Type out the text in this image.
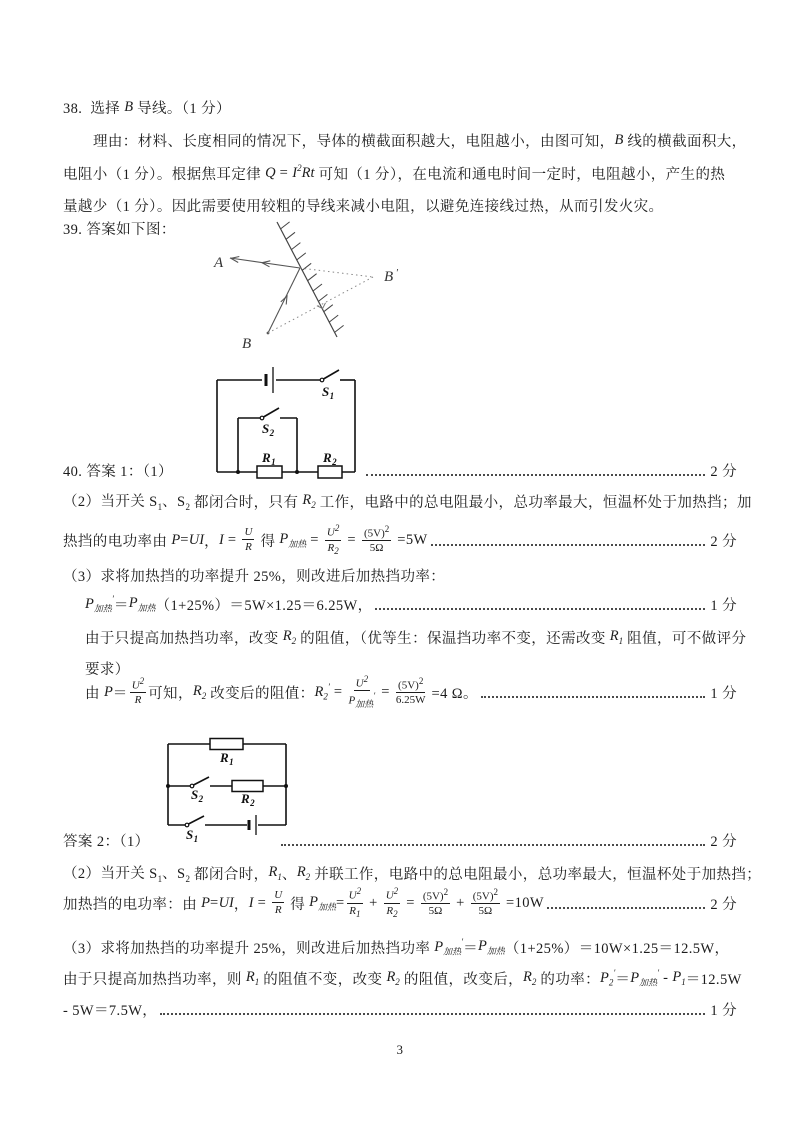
38.  选择 B 导线。（1 分）
理由：材料、长度相同的情况下，导体的横截面积越大，电阻越小，由图可知， B 线的横截面积大，
电阻小（1 分）。根据焦耳定律 $Q = I^2$ Rt 可知（1 分），在电流和通电时间一定时，电阻越小，产生的热
量越少（1 分）。因此需要使用较粗的导线来减小电阻，以避免连接线过热，从而引发火灾。
39. 答案如下图：
40. 答案 1：（1）	2 分
（2）当开关 $S_1$ 、$S_2$ 都闭合时，只有 $R_2$ 工作，电路中的总电阻最小，总功率最大，恒温杯处于加热挡；加
热挡的电功率由 P = UI ， $I = \frac{U}{R}$ 得 $P_{加热} = \frac{U^2}{R_2} = \frac{(5V)^2}{5\Omega} =5W$	2 分
（3）求将加热挡的功率提升 25%，则改进后加热挡功率：
$P_{加热}' = P_{加热}$ （1+25%）＝5W×1.25＝6.25W，	1 分
由于只提高加热挡功率，改变 $R_2$ 的阻值，（优等生：保温挡功率不变，还需改变 $R_1$ 阻值，可不做评分
要求）
由 $P = \frac{U^2}{R}$ 可知， $R_2$ 改变后的阻值： $R_2' = \frac{U^2}{P_{加热}'} = \frac{(5V)^2}{6.25W} =4$ Ω。	1 分
答案 2：（1）	2 分
（2）当开关 $S_1$ 、$S_2$ 都闭合时， $R_1$ 、 $R_2$ 并联工作，电路中的总电阻最小，总功率最大，恒温杯处于加热挡；
加热挡的电功率：由 P = UI ， $I = \frac{U}{R}$ 得 $P_{加热} = \frac{U^2}{R_1} + \frac{U^2}{R_2} = \frac{(5V)^2}{5\Omega} + \frac{(5V)^2}{5\Omega} =10W$	2 分
（3）求将加热挡的功率提升 25%，则改进后加热挡功率 $P_{加热}' = P_{加热}$ （1+25%）＝10W×1.25＝12.5W，
由于只提高加热挡功率，则 $R_1$ 的阻值不变，改变 $R_2$ 的阻值，改变后， $R_2$ 的功率： $P_2' = P_{加热}' - P_1 =12.5W$
- 5W＝7.5W，	1 分
A
B
B ′
$S_1$
$S_2$
$R_1$	$R_2$
$R_1$
$S_2$	$R_2$
$S_1$
3
